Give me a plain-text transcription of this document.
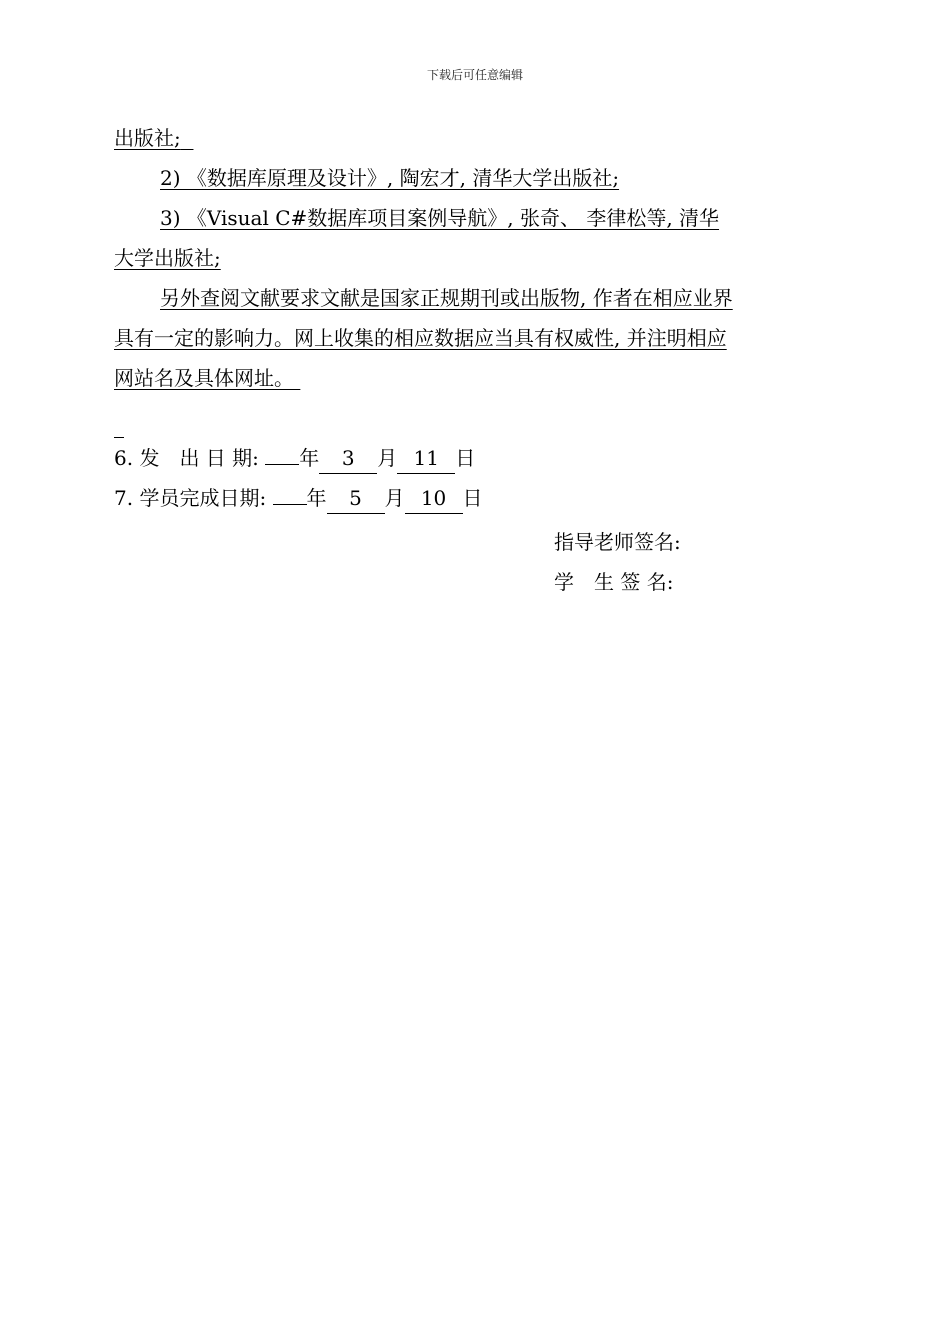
下载后可任意编辑
出版社;
2) 《数据库原理及设计》, 陶宏才, 清华大学出版社;
3) 《Visual C#数据库项目案例导航》, 张奇、 李律松等, 清华
大学出版社;
另外查阅文献要求文献是国家正规期刊或出版物, 作者在相应业界
具有一定的影响力。网上收集的相应数据应当具有权威性, 并注明相应
网站名及具体网址。
6. 发　出 日 期: 年 3 月 11 日
7. 学员完成日期: 年 5 月 10 日
指导老师签名:
学　生 签 名:
